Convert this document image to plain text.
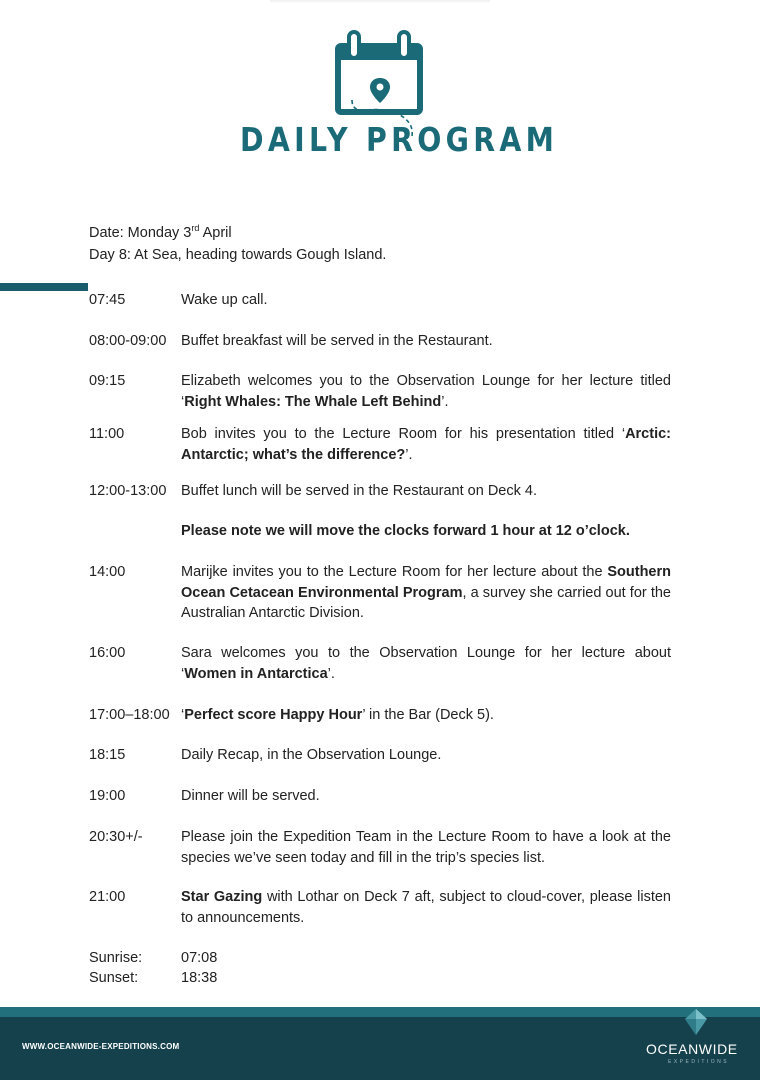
DAILY PROGRAM
Date: Monday 3rd April
Day 8: At Sea, heading towards Gough Island.
07:45	Wake up call.
08:00-09:00 Buffet breakfast will be served in the Restaurant.
09:15	Elizabeth welcomes you to the Observation Lounge for her lecture titled ‘Right Whales: The Whale Left Behind’.
11:00	Bob invites you to the Lecture Room for his presentation titled ‘Arctic: Antarctic; what’s the difference?’.
12:00-13:00 Buffet lunch will be served in the Restaurant on Deck 4.
Please note we will move the clocks forward 1 hour at 12 o’clock.
14:00	Marijke invites you to the Lecture Room for her lecture about the Southern Ocean Cetacean Environmental Program, a survey she carried out for the Australian Antarctic Division.
16:00	Sara welcomes you to the Observation Lounge for her lecture about ‘Women in Antarctica’.
17:00–18:00 ‘Perfect score Happy Hour’ in the Bar (Deck 5).
18:15	Daily Recap, in the Observation Lounge.
19:00	Dinner will be served.
20:30+/-	Please join the Expedition Team in the Lecture Room to have a look at the species we’ve seen today and fill in the trip’s species list.
21:00	Star Gazing with Lothar on Deck 7 aft, subject to cloud-cover, please listen to announcements.
Sunrise:	07:08
Sunset:	18:38
WWW.OCEANWIDE-EXPEDITIONS.COM	OCEANWIDE
EXPEDITIONS
